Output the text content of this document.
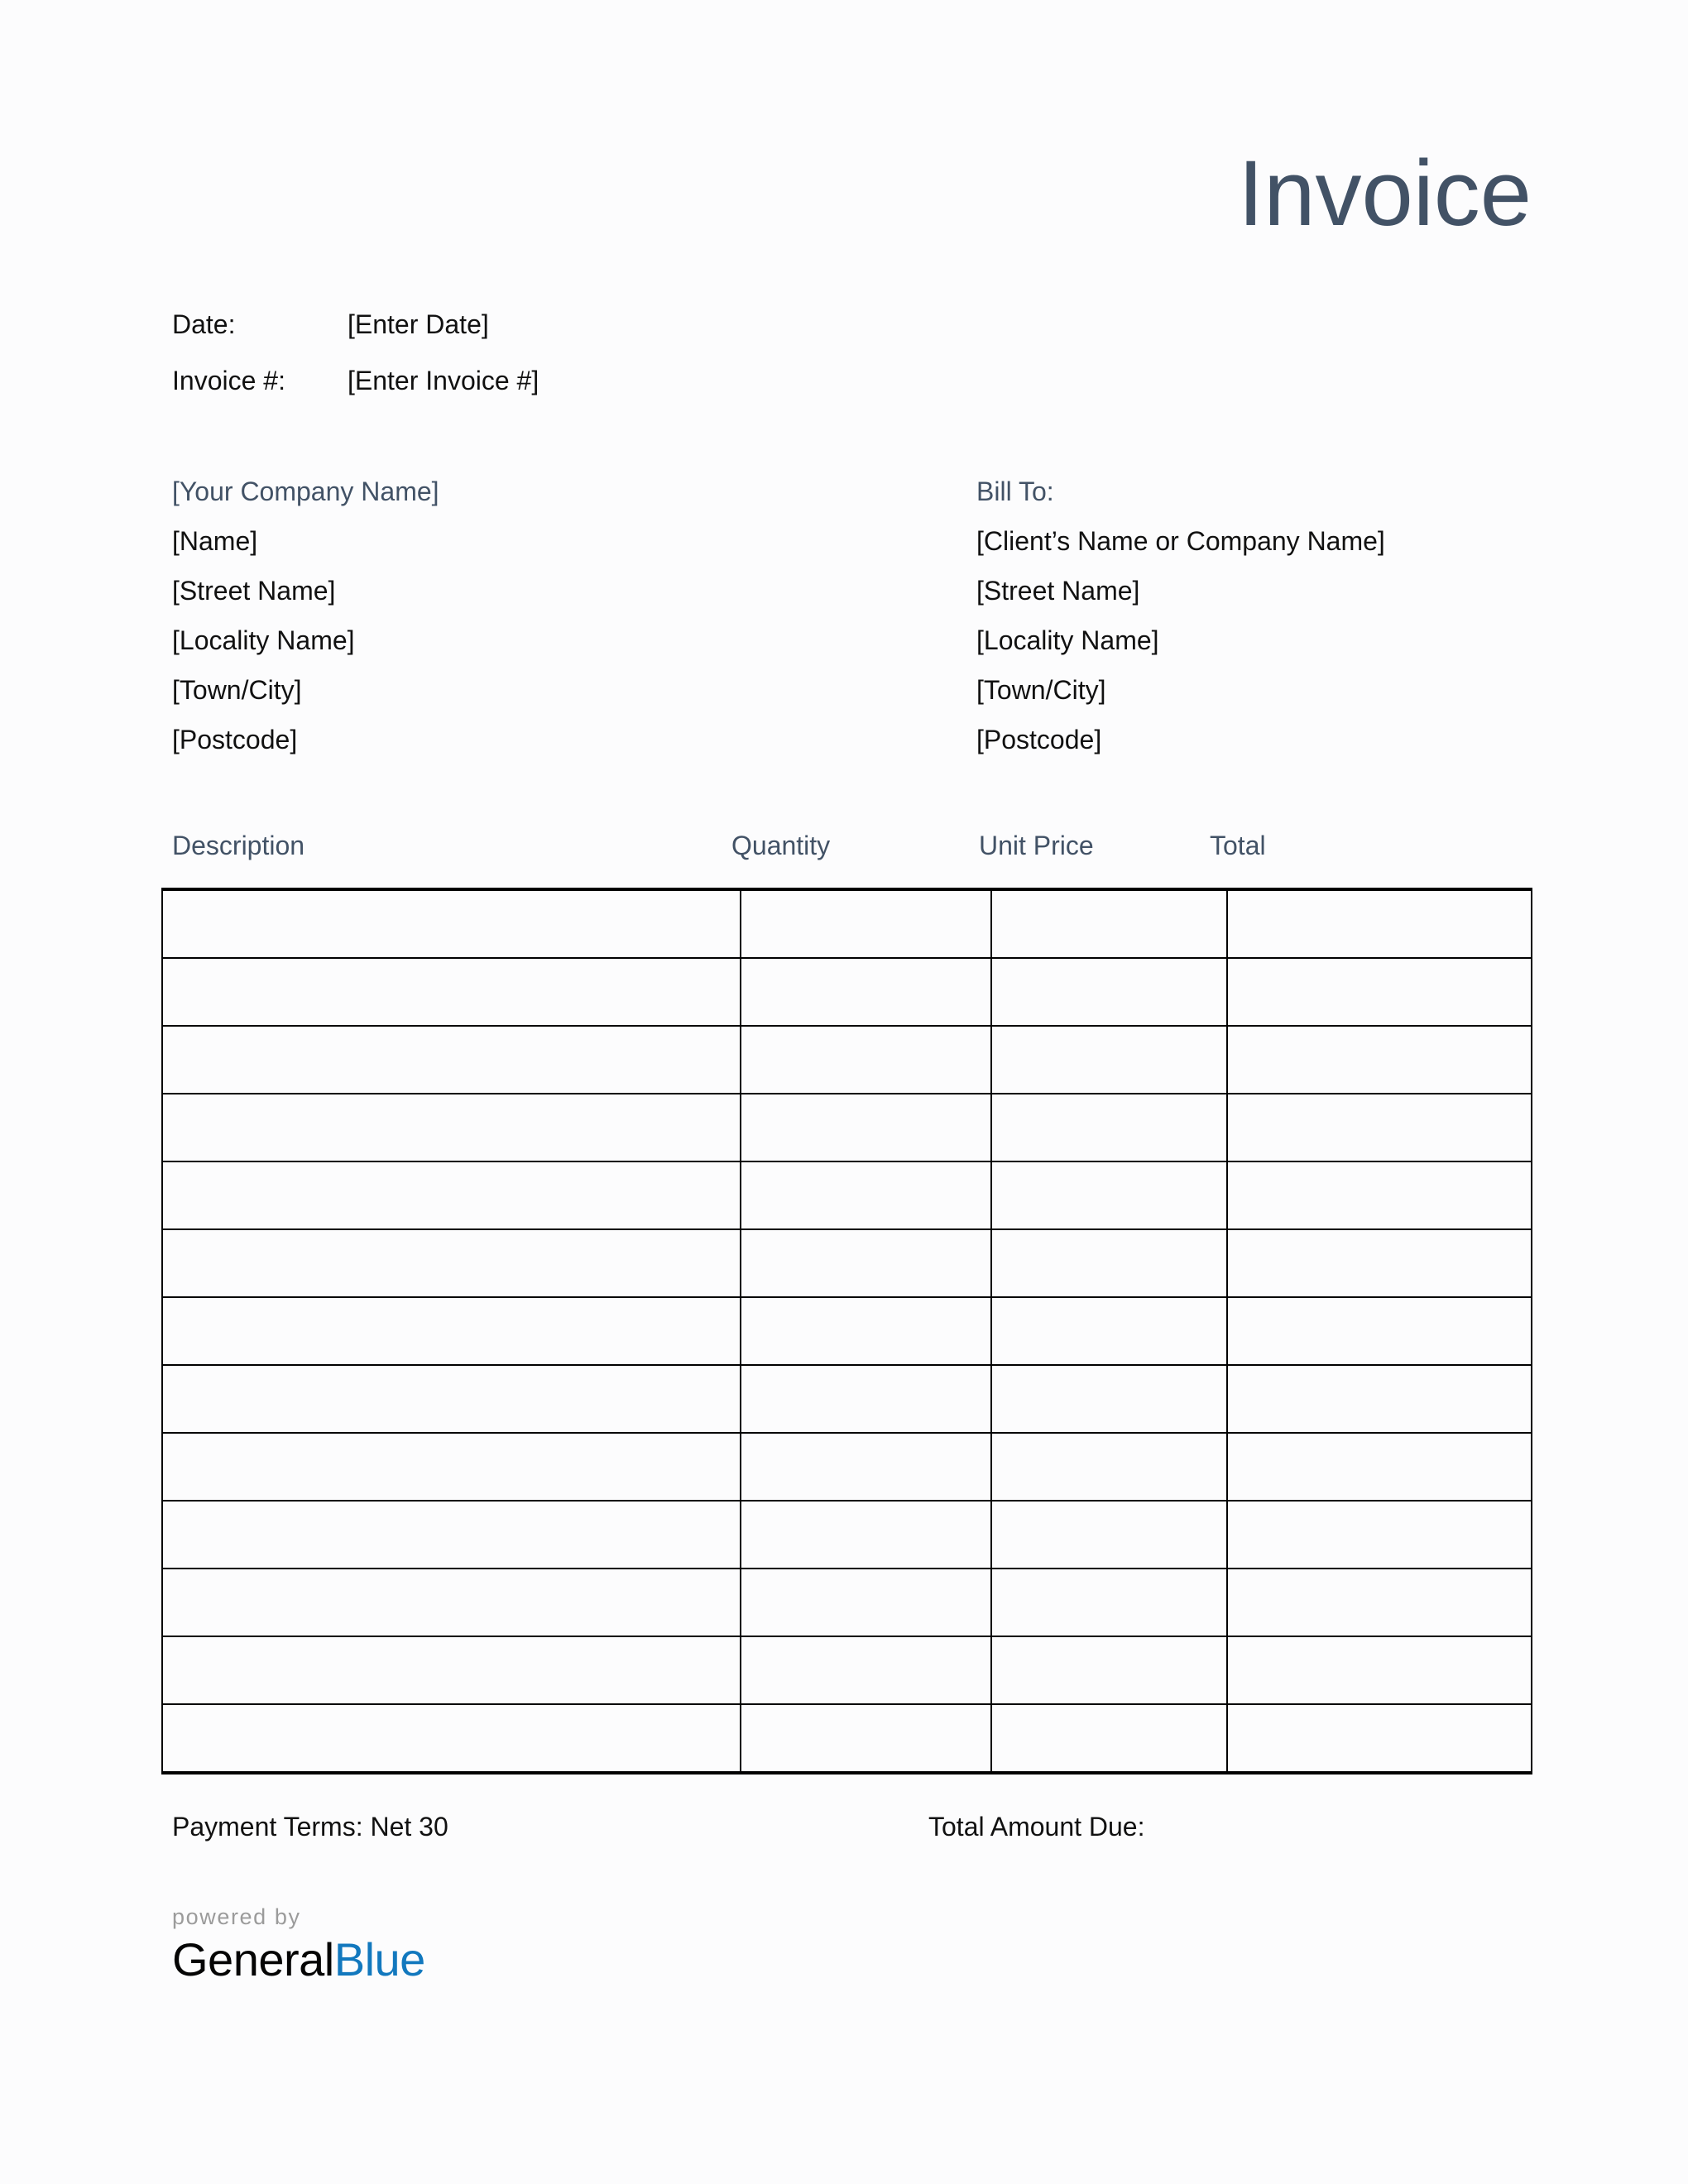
Invoice
Date:	[Enter Date]
Invoice #:	[Enter Invoice #]
[Your Company Name]
[Name]
[Street Name]
[Locality Name]
[Town/City]
[Postcode]
Bill To:
[Client’s Name or Company Name]
[Street Name]
[Locality Name]
[Town/City]
[Postcode]
Description	Quantity	Unit Price	Total

Payment Terms: Net 30	Total Amount Due:
powered by
GeneralBlue
